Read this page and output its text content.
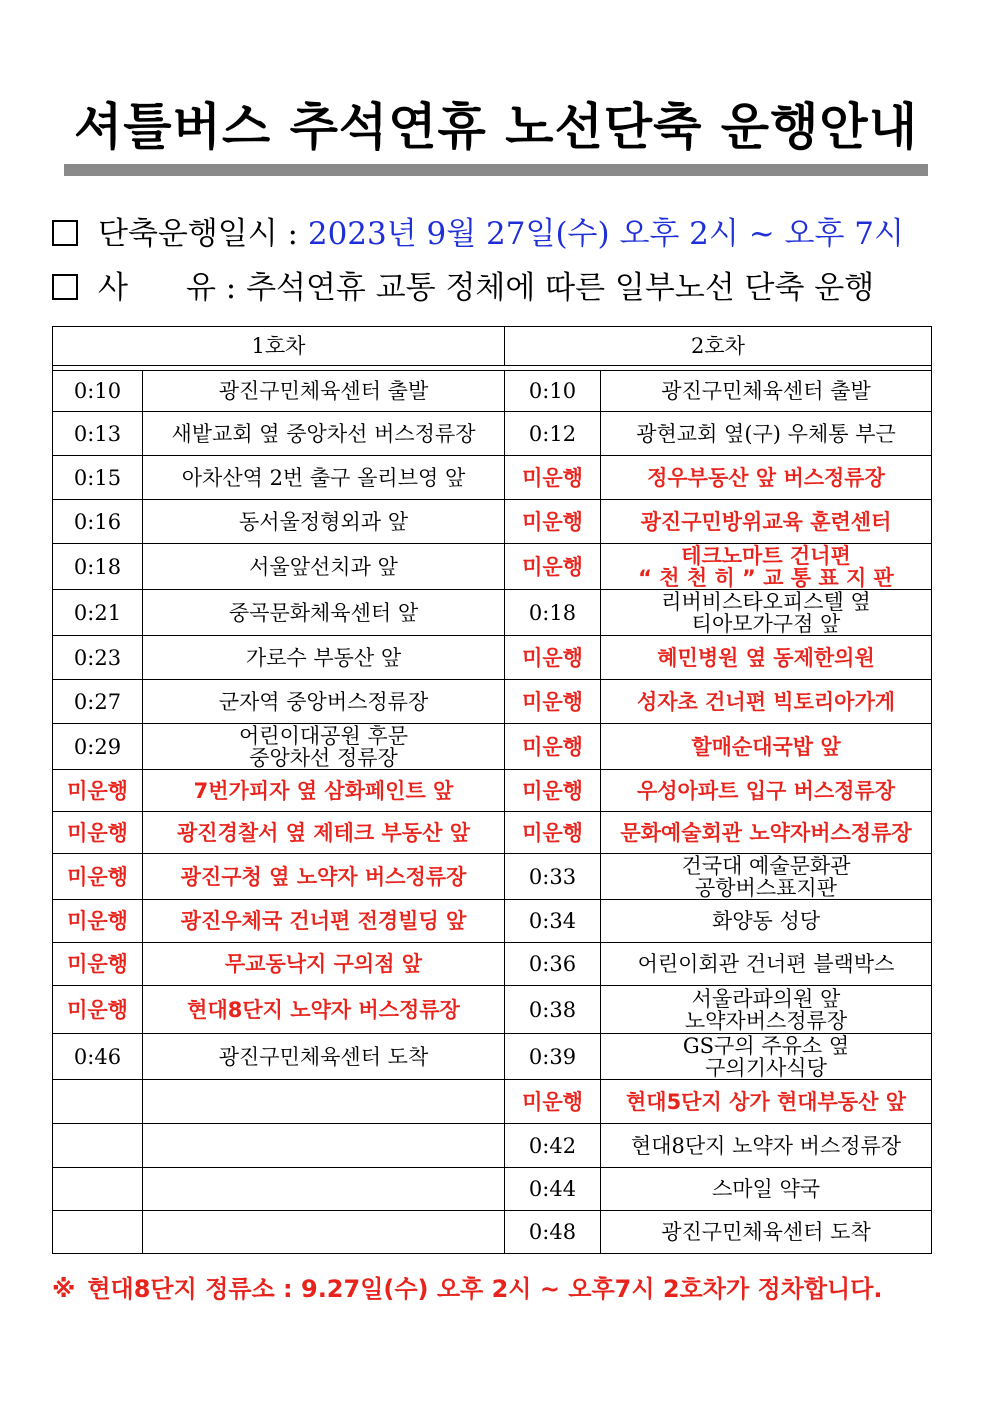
셔틀버스 추석연휴 노선단축 운행안내
단축운행일시 : 2023년 9월 27일(수) 오후 2시 ~ 오후 7시
사 유 : 추석연휴 교통 정체에 따른 일부노선 단축 운행
1호차		2호차	

0:10	광진구민체육센터 출발	0:10	광진구민체육센터 출발
0:13	새밭교회 옆 중앙차선 버스정류장	0:12	광현교회 옆(구) 우체통 부근
0:15	아차산역 2번 출구 올리브영 앞	미운행	정우부동산 앞 버스정류장
0:16	동서울정형외과 앞	미운행	광진구민방위교육 훈련센터
0:18	서울앞선치과 앞	미운행	테크노마트 건너편
“ 천 천 히 ” 교 통 표 지 판

0:21	중곡문화체육센터 앞	0:18	리버비스타오피스텔 옆
티아모가구점 앞

0:23	가로수 부동산 앞	미운행	혜민병원 옆 동제한의원
0:27	군자역 중앙버스정류장	미운행	성자초 건너편 빅토리아가게
0:29	어린이대공원 후문
중앙차선 정류장	미운행	할매순대국밥 앞
미운행	7번가피자 옆 삼화페인트 앞	미운행	우성아파트 입구 버스정류장
미운행	광진경찰서 옆 제테크 부동산 앞	미운행	문화예술회관 노약자버스정류장
미운행	광진구청 옆 노약자 버스정류장	0:33	건국대 예술문화관
공항버스표지판

미운행	광진우체국 건너편 전경빌딩 앞	0:34	화양동 성당
미운행	무교동낙지 구의점 앞	0:36	어린이회관 건너편 블랙박스
미운행	현대8단지 노약자 버스정류장	0:38	서울라파의원 앞
노약자버스정류장

0:46	광진구민체육센터 도착	0:39	GS구의 주유소 옆
구의기사식당

		미운행	현대5단지 상가 현대부동산 앞
		0:42	현대8단지 노약자 버스정류장
		0:44	스마일 약국
		0:48	광진구민체육센터 도착
※ 현대8단지 정류소 : 9.27일(수) 오후 2시 ~ 오후7시 2호차가 정차합니다.
